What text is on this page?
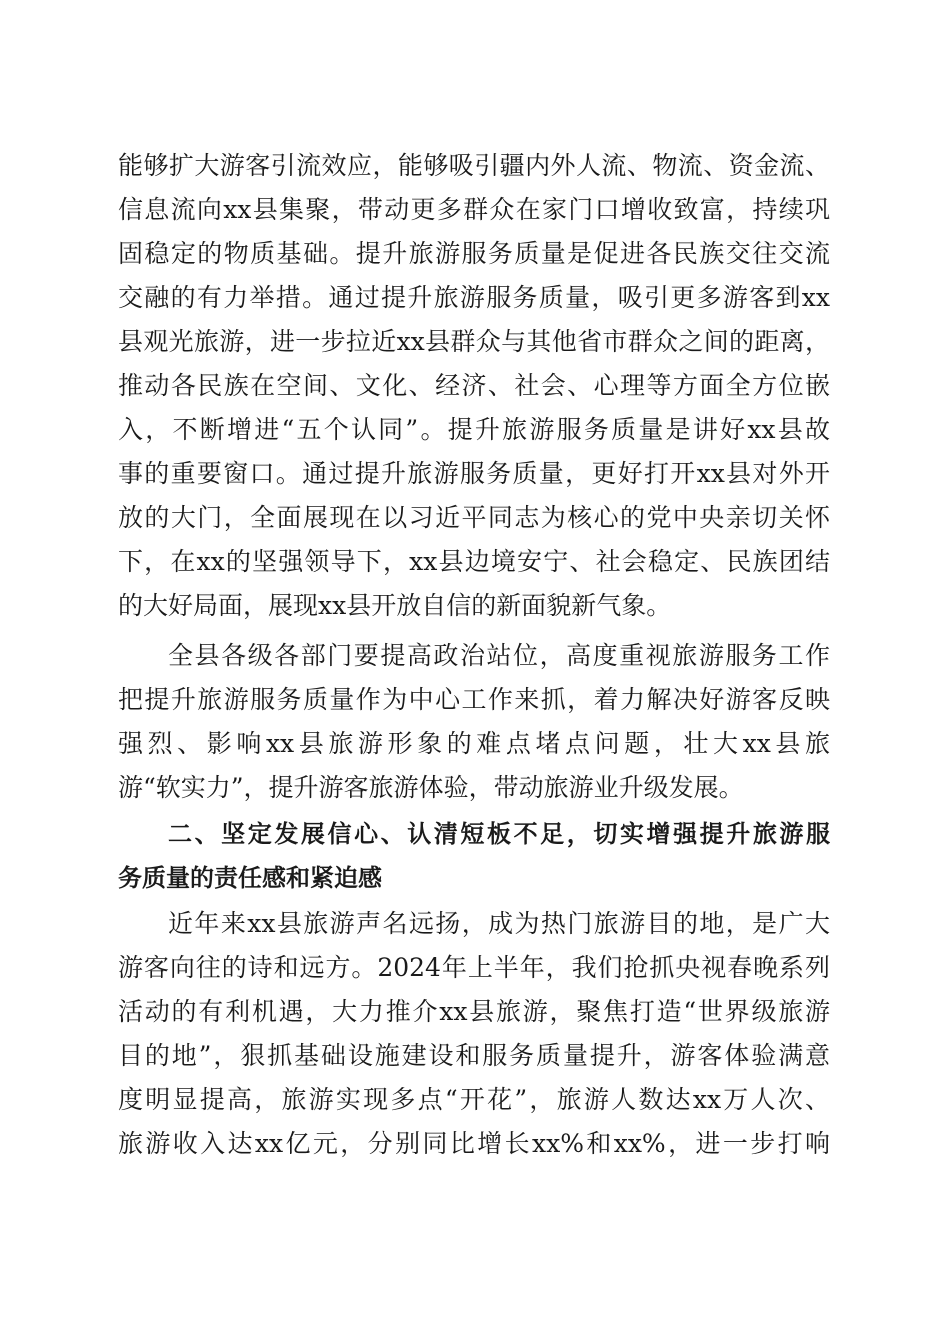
能够扩大游客引流效应，能够吸引疆内外人流、物流、资金流、
信息流向xx县集聚，带动更多群众在家门口增收致富，持续巩
固稳定的物质基础。提升旅游服务质量是促进各民族交往交流
交融的有力举措。通过提升旅游服务质量，吸引更多游客到xx
县观光旅游，进一步拉近xx县群众与其他省市群众之间的距离，
推动各民族在空间、文化、经济、社会、心理等方面全方位嵌
入，不断增进“五个认同”。提升旅游服务质量是讲好xx县故
事的重要窗口。通过提升旅游服务质量，更好打开xx县对外开
放的大门，全面展现在以习近平同志为核心的党中央亲切关怀
下，在xx的坚强领导下，xx县边境安宁、社会稳定、民族团结
的大好局面，展现xx县开放自信的新面貌新气象。
全县各级各部门要提高政治站位，高度重视旅游服务工作
把提升旅游服务质量作为中心工作来抓，着力解决好游客反映
强烈、影响xx县旅游形象的难点堵点问题，壮大xx县旅
游“软实力”，提升游客旅游体验，带动旅游业升级发展。
二、坚定发展信心、认清短板不足，切实增强提升旅游服
务质量的责任感和紧迫感
近年来xx县旅游声名远扬，成为热门旅游目的地，是广大
游客向往的诗和远方。2024年上半年，我们抢抓央视春晚系列
活动的有利机遇，大力推介xx县旅游，聚焦打造“世界级旅游
目的地”，狠抓基础设施建设和服务质量提升，游客体验满意
度明显提高，旅游实现多点“开花”，旅游人数达xx万人次、
旅游收入达xx亿元，分别同比增长xx%和xx%，进一步打响
